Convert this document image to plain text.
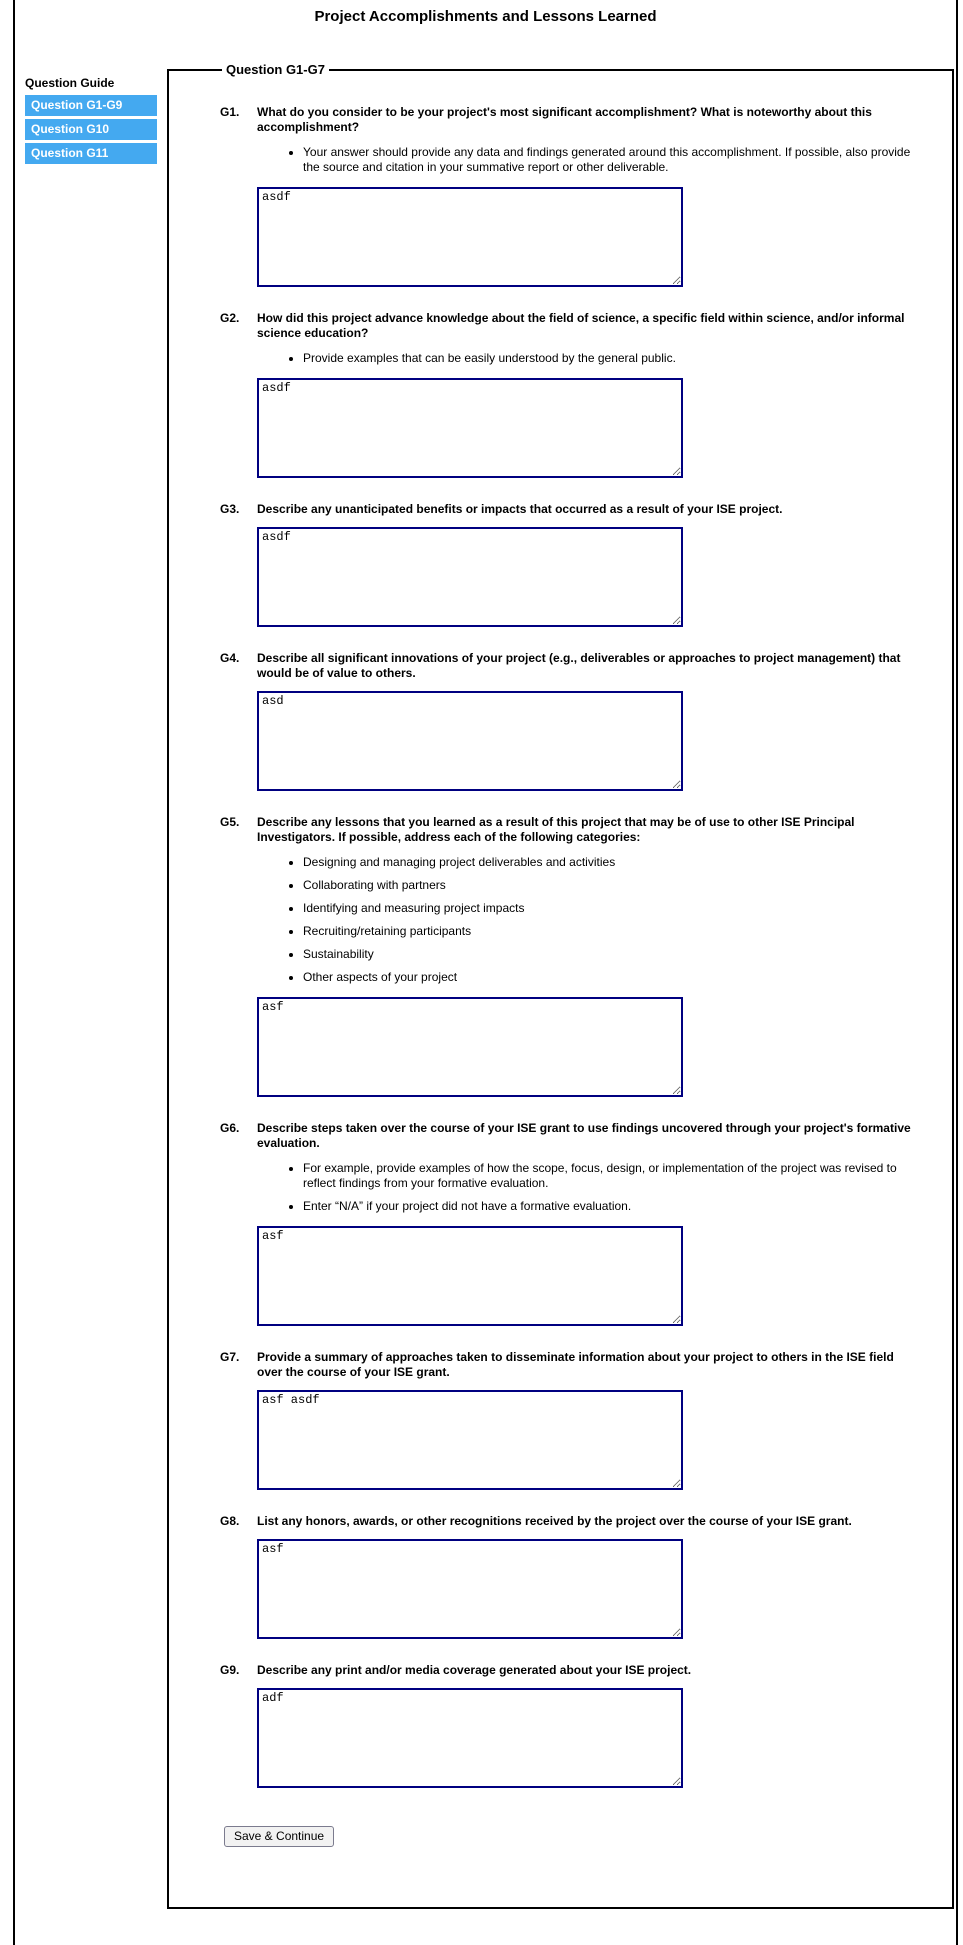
Project Accomplishments and Lessons Learned
Question Guide
Question G1-G9
Question G10
Question G11
Question G1-G7
G1.	What do you consider to be your project's most significant accomplishment? What is noteworthy about this accomplishment?
• Your answer should provide any data and findings generated around this accomplishment. If possible, also provide the source and citation in your summative report or other deliverable.
asdf
G2.	How did this project advance knowledge about the field of science, a specific field within science, and/or informal science education?
• Provide examples that can be easily understood by the general public.
asdf
G3.	Describe any unanticipated benefits or impacts that occurred as a result of your ISE project.
asdf
G4.	Describe all significant innovations of your project (e.g., deliverables or approaches to project management) that would be of value to others.
asd
G5.	Describe any lessons that you learned as a result of this project that may be of use to other ISE Principal Investigators. If possible, address each of the following categories:
• Designing and managing project deliverables and activities
• Collaborating with partners
• Identifying and measuring project impacts
• Recruiting/retaining participants
• Sustainability
• Other aspects of your project
asf
G6.	Describe steps taken over the course of your ISE grant to use findings uncovered through your project's formative evaluation.
• For example, provide examples of how the scope, focus, design, or implementation of the project was revised to reflect findings from your formative evaluation.
• Enter “N/A” if your project did not have a formative evaluation.
asf
G7.	Provide a summary of approaches taken to disseminate information about your project to others in the ISE field over the course of your ISE grant.
asf asdf
G8.	List any honors, awards, or other recognitions received by the project over the course of your ISE grant.
asf
G9.	Describe any print and/or media coverage generated about your ISE project.
adf
Save & Continue
